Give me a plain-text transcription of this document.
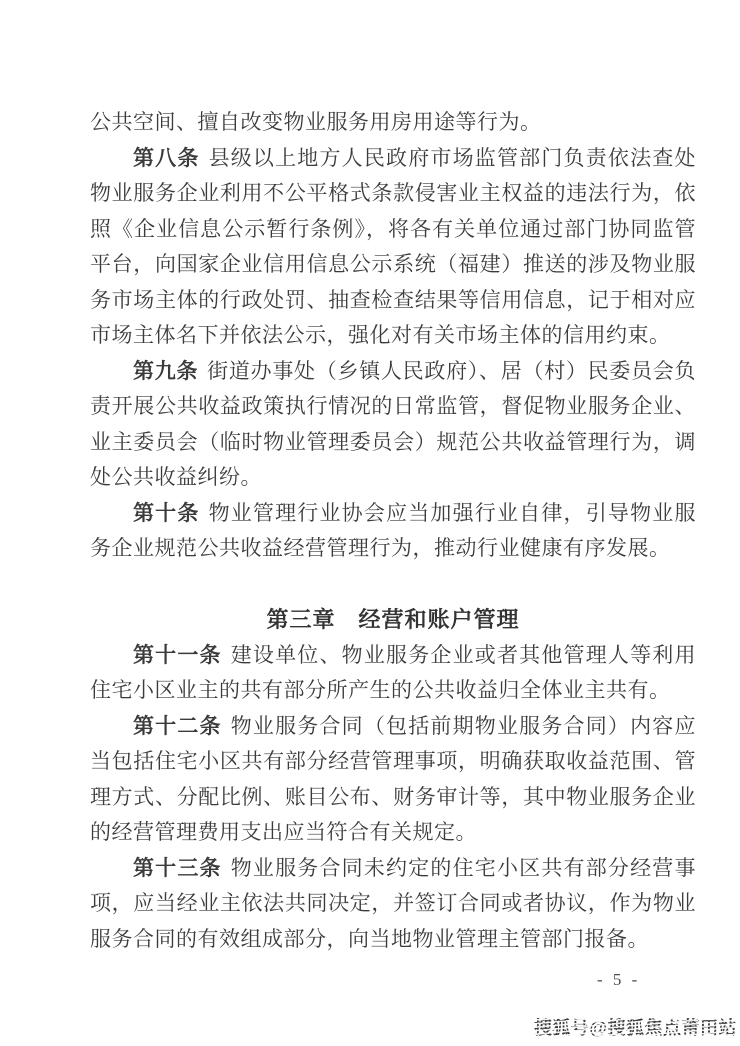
公共空间、擅自改变物业服务用房用途等行为。

第八条 县级以上地方人民政府市场监管部门负责依法查处物业服务企业利用不公平格式条款侵害业主权益的违法行为，依照《企业信息公示暂行条例》，将各有关单位通过部门协同监管平台，向国家企业信用信息公示系统（福建）推送的涉及物业服务市场主体的行政处罚、抽查检查结果等信用信息，记于相对应市场主体名下并依法公示，强化对有关市场主体的信用约束。

第九条 街道办事处（乡镇人民政府）、居（村）民委员会负责开展公共收益政策执行情况的日常监管，督促物业服务企业、业主委员会（临时物业管理委员会）规范公共收益管理行为，调处公共收益纠纷。

第十条 物业管理行业协会应当加强行业自律，引导物业服务企业规范公共收益经营管理行为，推动行业健康有序发展。

第三章　经营和账户管理

第十一条 建设单位、物业服务企业或者其他管理人等利用住宅小区业主的共有部分所产生的公共收益归全体业主共有。

第十二条 物业服务合同（包括前期物业服务合同）内容应当包括住宅小区共有部分经营管理事项，明确获取收益范围、管理方式、分配比例、账目公布、财务审计等，其中物业服务企业的经营管理费用支出应当符合有关规定。

第十三条 物业服务合同未约定的住宅小区共有部分经营事项，应当经业主依法共同决定，并签订合同或者协议，作为物业服务合同的有效组成部分，向当地物业管理主管部门报备。

- 5 -
搜狐号@搜狐焦点莆田站
